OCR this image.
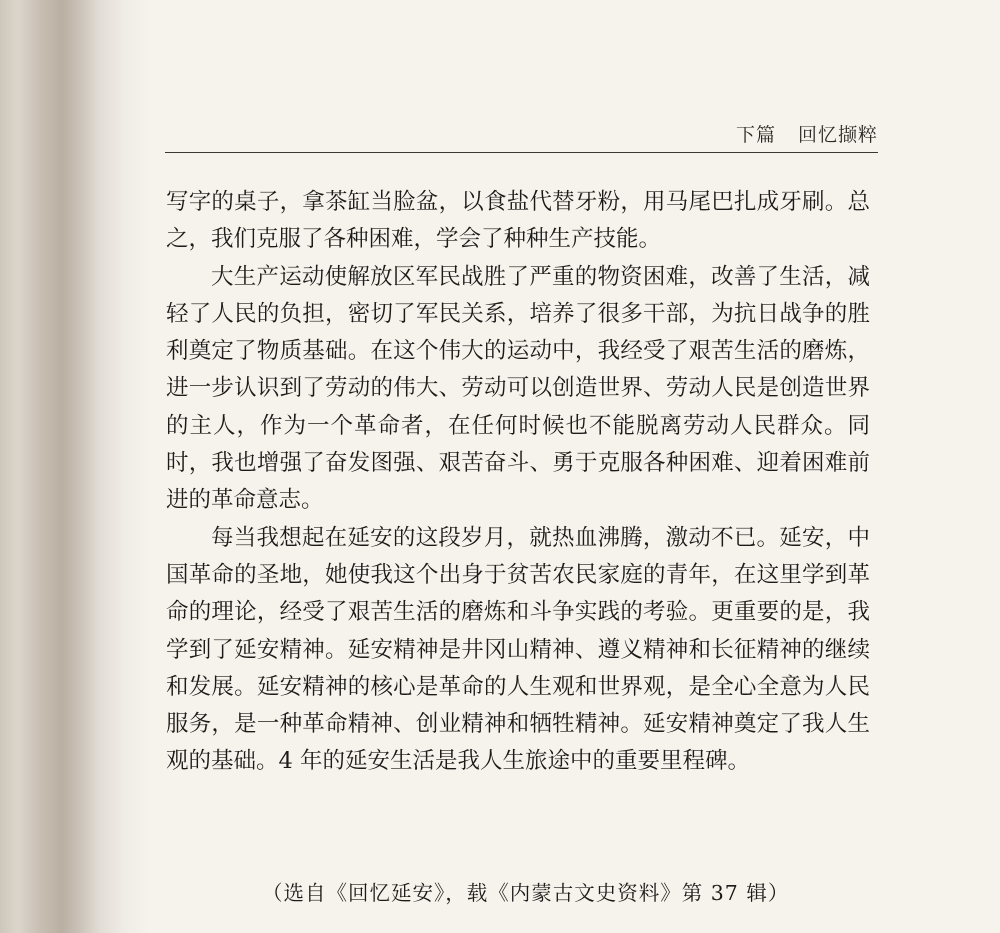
下篇 回忆撷粹

写字的桌子，拿茶缸当脸盆，以食盐代替牙粉，用马尾巴扎成牙刷。总之，我们克服了各种困难，学会了种种生产技能。

大生产运动使解放区军民战胜了严重的物资困难，改善了生活，减轻了人民的负担，密切了军民关系，培养了很多干部，为抗日战争的胜利奠定了物质基础。在这个伟大的运动中，我经受了艰苦生活的磨炼，进一步认识到了劳动的伟大、劳动可以创造世界、劳动人民是创造世界的主人，作为一个革命者，在任何时候也不能脱离劳动人民群众。同时，我也增强了奋发图强、艰苦奋斗、勇于克服各种困难、迎着困难前进的革命意志。

每当我想起在延安的这段岁月，就热血沸腾，激动不已。延安，中国革命的圣地，她使我这个出身于贫苦农民家庭的青年，在这里学到革命的理论，经受了艰苦生活的磨炼和斗争实践的考验。更重要的是，我学到了延安精神。延安精神是井冈山精神、遵义精神和长征精神的继续和发展。延安精神的核心是革命的人生观和世界观，是全心全意为人民服务，是一种革命精神、创业精神和牺牲精神。延安精神奠定了我人生观的基础。4 年的延安生活是我人生旅途中的重要里程碑。

（选自《回忆延安》，载《内蒙古文史资料》第 37 辑）
